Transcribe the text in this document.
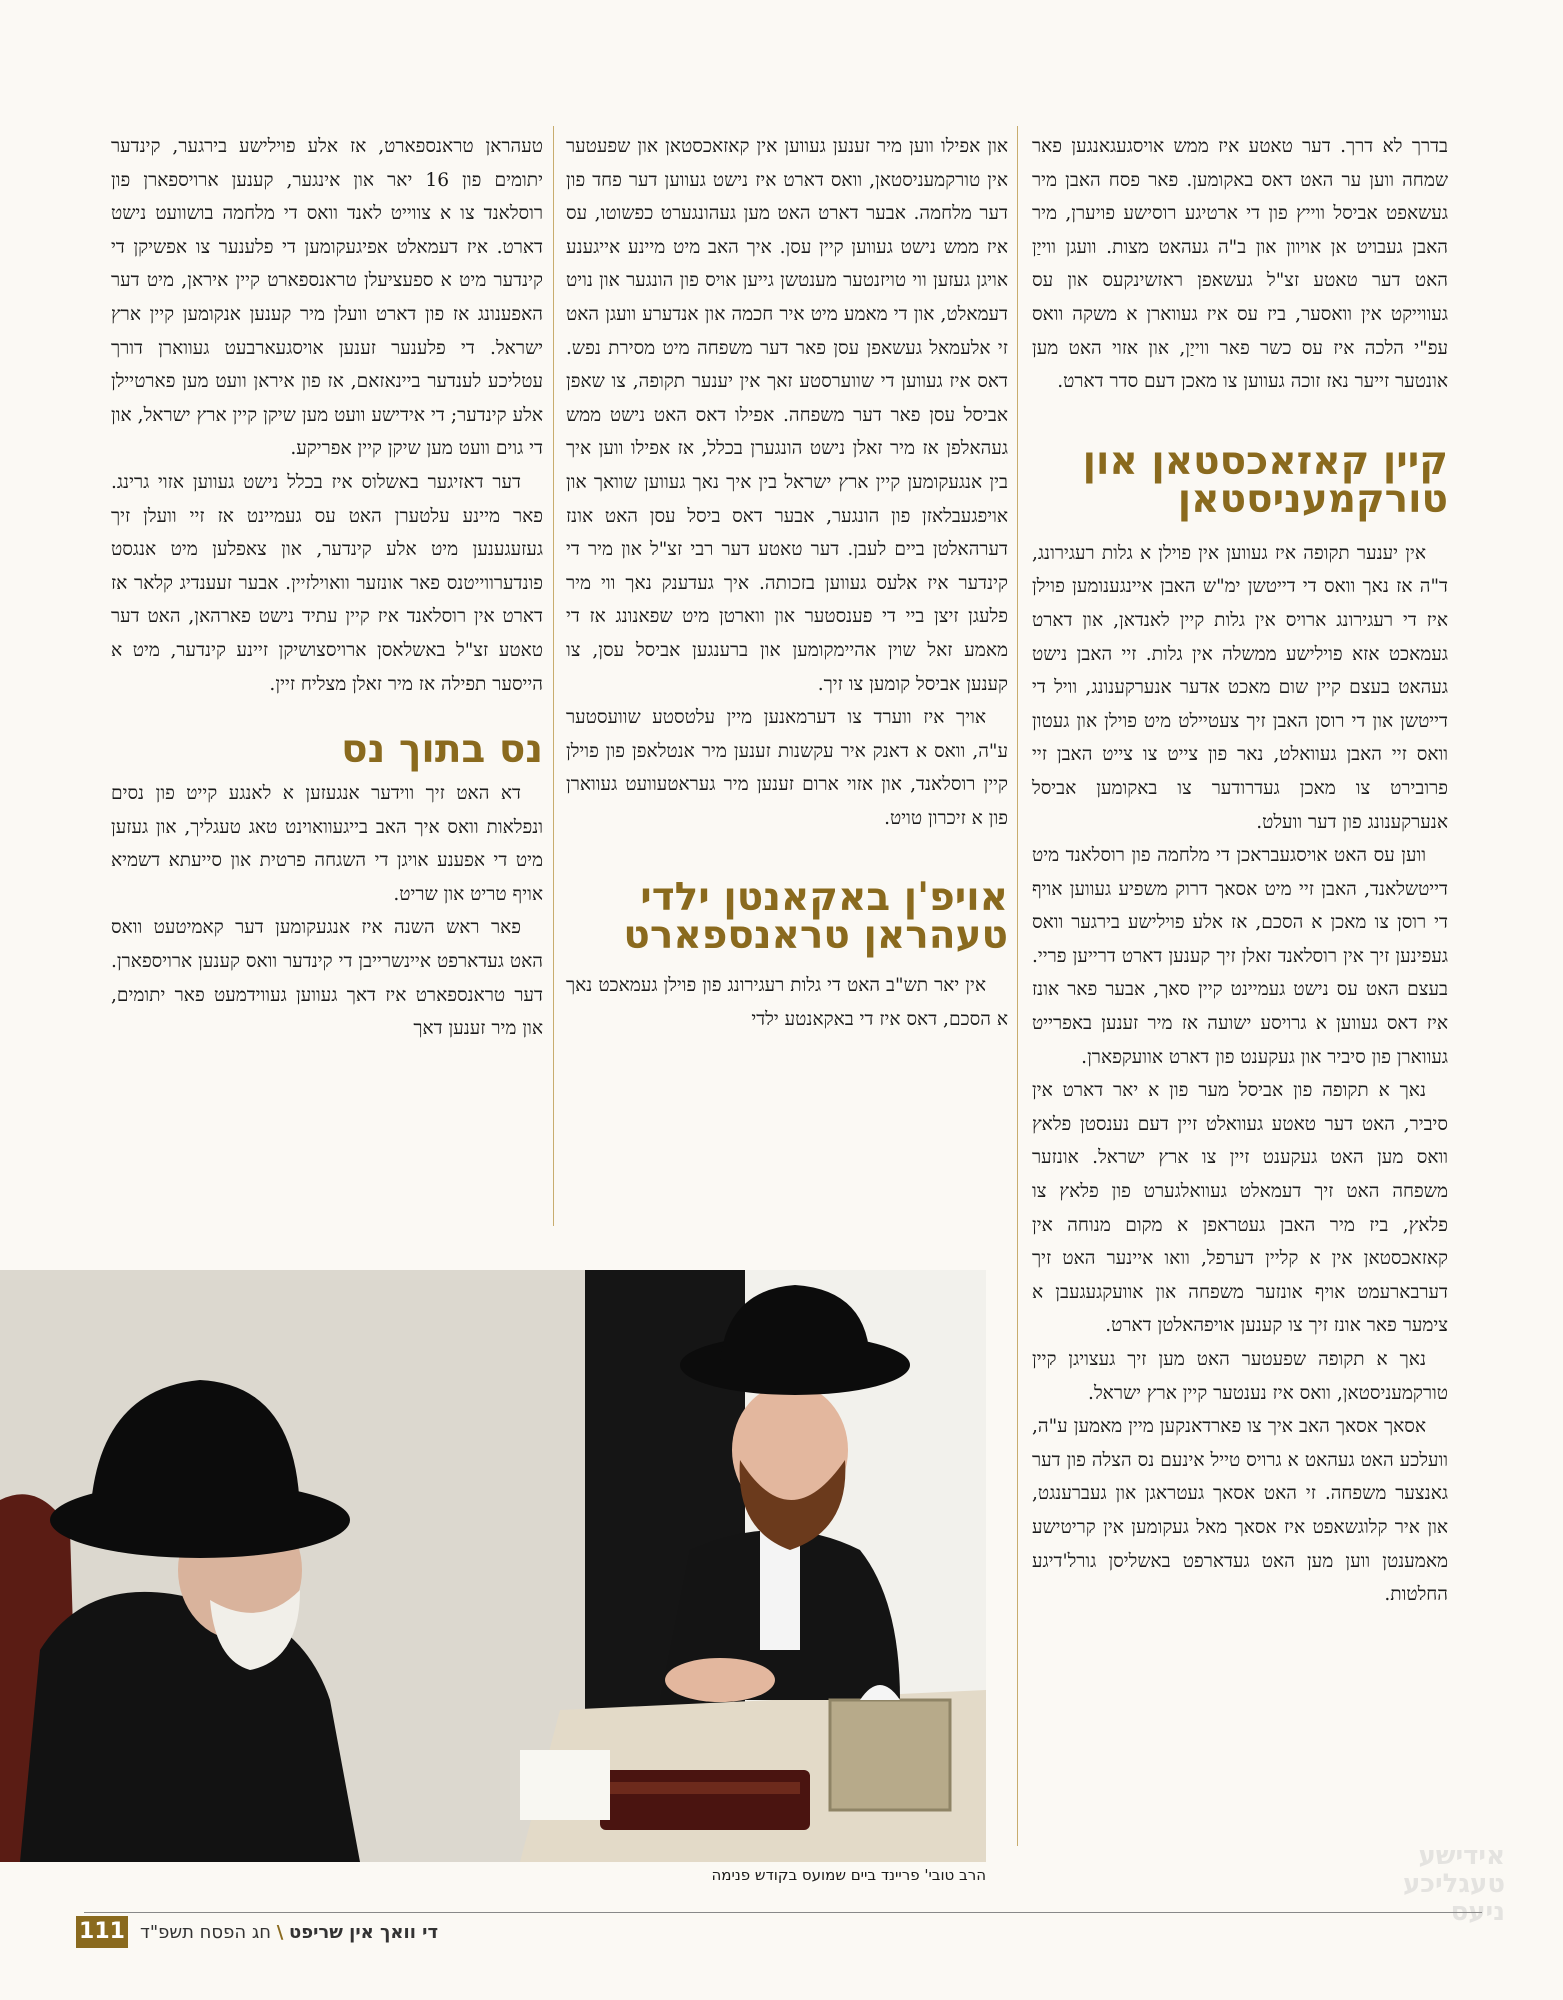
בדרך לא דרך. דער טאטע איז ממש אויסגעגאנגען פאר שמחה ווען ער האט דאס באקומען. פאר פסח האבן מיר געשאפט אביסל ווייץ פון די ארטיגע רוסישע פויערן, מיר האבן געבויט אן אויוון און ב"ה געהאט מצות. וועגן ווייַן האט דער טאטע זצ"ל געשאפן ראזשינקעס און עס געווייקט אין וואסער, ביז עס איז געווארן א משקה וואס עפ"י הלכה איז עס כשר פאר ווייַן, און אזוי האט מען אונטער זייער נאז זוכה געווען צו מאכן דעם סדר דארט.

קיין קאזאכסטאן און טורקמעניסטאן

אין יענער תקופה איז געווען אין פוילן א גלות רעגירונג, ד"ה אז נאך וואס די דייטשן ימ"ש האבן איינגענומען פוילן איז די רעגירונג ארויס אין גלות קיין לאנדאן, און דארט געמאכט אזא פוילישע ממשלה אין גלות. זיי האבן נישט געהאט בעצם קיין שום מאכט אדער אנערקענונג, וויל די דייטשן און די רוסן האבן זיך צעטיילט מיט פוילן און געטון וואס זיי האבן געוואלט, נאר פון צייט צו צייט האבן זיי פרובירט צו מאכן געדרודער צו באקומען אביסל אנערקענונג פון דער וועלט.

ווען עס האט אויסגעבראכן די מלחמה פון רוסלאנד מיט דייטשלאנד, האבן זיי מיט אסאך דרוק משפיע געווען אויף די רוסן צו מאכן א הסכם, אז אלע פוילישע בירגער וואס געפינען זיך אין רוסלאנד זאלן זיך קענען דארט דרייען פריי. בעצם האט עס נישט געמיינט קיין סאך, אבער פאר אונז איז דאס געווען א גרויסע ישועה אז מיר זענען באפרייט געווארן פון סיביר און געקענט פון דארט אוועקפארן.

נאך א תקופה פון אביסל מער פון א יאר דארט אין סיביר, האט דער טאטע געוואלט זיין דעם נענסטן פלאץ וואס מען האט געקענט זיין צו ארץ ישראל. אונזער משפחה האט זיך דעמאלט געוואלגערט פון פלאץ צו פלאץ, ביז מיר האבן געטראפן א מקום מנוחה אין קאזאכסטאן אין א קליין דערפל, וואו איינער האט זיך דערבארעמט אויף אונזער משפחה און אוועקגעגעבן א צימער פאר אונז זיך צו קענען אויפהאלטן דארט.

נאך א תקופה שפעטער האט מען זיך געצויגן קיין טורקמעניסטאן, וואס איז נענטער קיין ארץ ישראל.

אסאך אסאך האב איך צו פארדאנקען מיין מאמען ע"ה, וועלכע האט געהאט א גרויס טייל אינעם נס הצלה פון דער גאנצער משפחה. זי האט אסאך געטראגן און געברענגט, און איר קלוגשאפט איז אסאך מאל געקומען אין קריטישע מאמענטן ווען מען האט געדארפט באשליסן גורל'דיגע החלטות.

און אפילו ווען מיר זענען געווען אין קאזאכסטאן און שפעטער אין טורקמעניסטאן, וואס דארט איז נישט געווען דער פחד פון דער מלחמה. אבער דארט האט מען געהונגערט כפשוטו, עס איז ממש נישט געווען קיין עסן. איך האב מיט מיינע אייגענע אויגן געזען ווי טויזנטער מענטשן גייען אויס פון הונגער און נויט דעמאלט, און די מאמע מיט איר חכמה און אנדערע וועגן האט זי אלעמאל געשאפן עסן פאר דער משפחה מיט מסירת נפש. דאס איז געווען די שווערסטע זאך אין יענער תקופה, צו שאפן אביסל עסן פאר דער משפחה. אפילו דאס האט נישט ממש געהאלפן אז מיר זאלן נישט הונגערן בכלל, אז אפילו ווען איך בין אנגעקומען קיין ארץ ישראל בין איך נאך געווען שוואך און אויפגעבלאזן פון הונגער, אבער דאס ביסל עסן האט אונז דערהאלטן ביים לעבן. דער טאטע דער רבי זצ"ל און מיר די קינדער איז אלעס געווען בזכותה. איך געדענק נאך ווי מיר פלעגן זיצן ביי די פענסטער און ווארטן מיט שפאנונג אז די מאמע זאל שוין אהיימקומען און ברענגען אביסל עסן, צו קענען אביסל קומען צו זיך.

אויך איז ווערד צו דערמאנען מיין עלטסטע שוועסטער ע"ה, וואס א דאנק איר עקשנות זענען מיר אנטלאפן פון פוילן קיין רוסלאנד, און אזוי ארום זענען מיר געראטעוועט געווארן פון א זיכרון טויט.

אויפ'ן באקאנטן ילדי טעהראן טראנספארט

אין יאר תש"ב האט די גלות רעגירונג פון פוילן געמאכט נאך א הסכם, דאס איז די באקאנטע ילדי

טעהראן טראנספארט, אז אלע פוילישע בירגער, קינדער יתומים פון 16 יאר און אינגער, קענען ארויספארן פון רוסלאנד צו א צווייט לאנד וואס די מלחמה בושוועט נישט דארט. איז דעמאלט אפיגעקומען די פלענער צו אפשיקן די קינדער מיט א ספעציעלן טראנספארט קיין איראן, מיט דער האפענונג אז פון דארט וועלן מיר קענען אנקומען קיין ארץ ישראל. די פלענער זענען אויסגעארבעט געווארן דורך עטליכע לענדער ביינאזאם, אז פון איראן וועט מען פארטיילן אלע קינדער; די אידישע וועט מען שיקן קיין ארץ ישראל, און די גוים וועט מען שיקן קיין אפריקע.

דער דאזיגער באשלוס איז בכלל נישט געווען אזוי גרינג. פאר מיינע עלטערן האט עס געמיינט אז זיי וועלן זיך געזעגענען מיט אלע קינדער, און צאפלען מיט אנגסט פונדערווייטנס פאר אונזער וואוילזיין. אבער זעענדיג קלאר אז דארט אין רוסלאנד איז קיין עתיד נישט פארהאן, האט דער טאטע זצ"ל באשלאסן ארויסצושיקן זיינע קינדער, מיט א הייסער תפילה אז מיר זאלן מצליח זיין.

נס בתוך נס

דא האט זיך ווידער אנגעזען א לאנגע קייט פון נסים ונפלאות וואס איך האב בייגעוואוינט טאג טעגליך, און געזען מיט די אפענע אויגן די השגחה פרטית און סייעתא דשמיא אויף טריט און שריט.

פאר ראש השנה איז אנגעקומען דער קאמיטעט וואס האט געדארפט איינשרייבן די קינדער וואס קענען ארויספארן. דער טראנספארט איז דאך געווען געווידמעט פאר יתומים, און מיר זענען דאך

הרב טובי' פריינד ביים שמועס בקודש פנימה
אידישע
טעגליכע
ניעס
111	די וואך אין שריפט \ חג הפסח תשפ"ד
